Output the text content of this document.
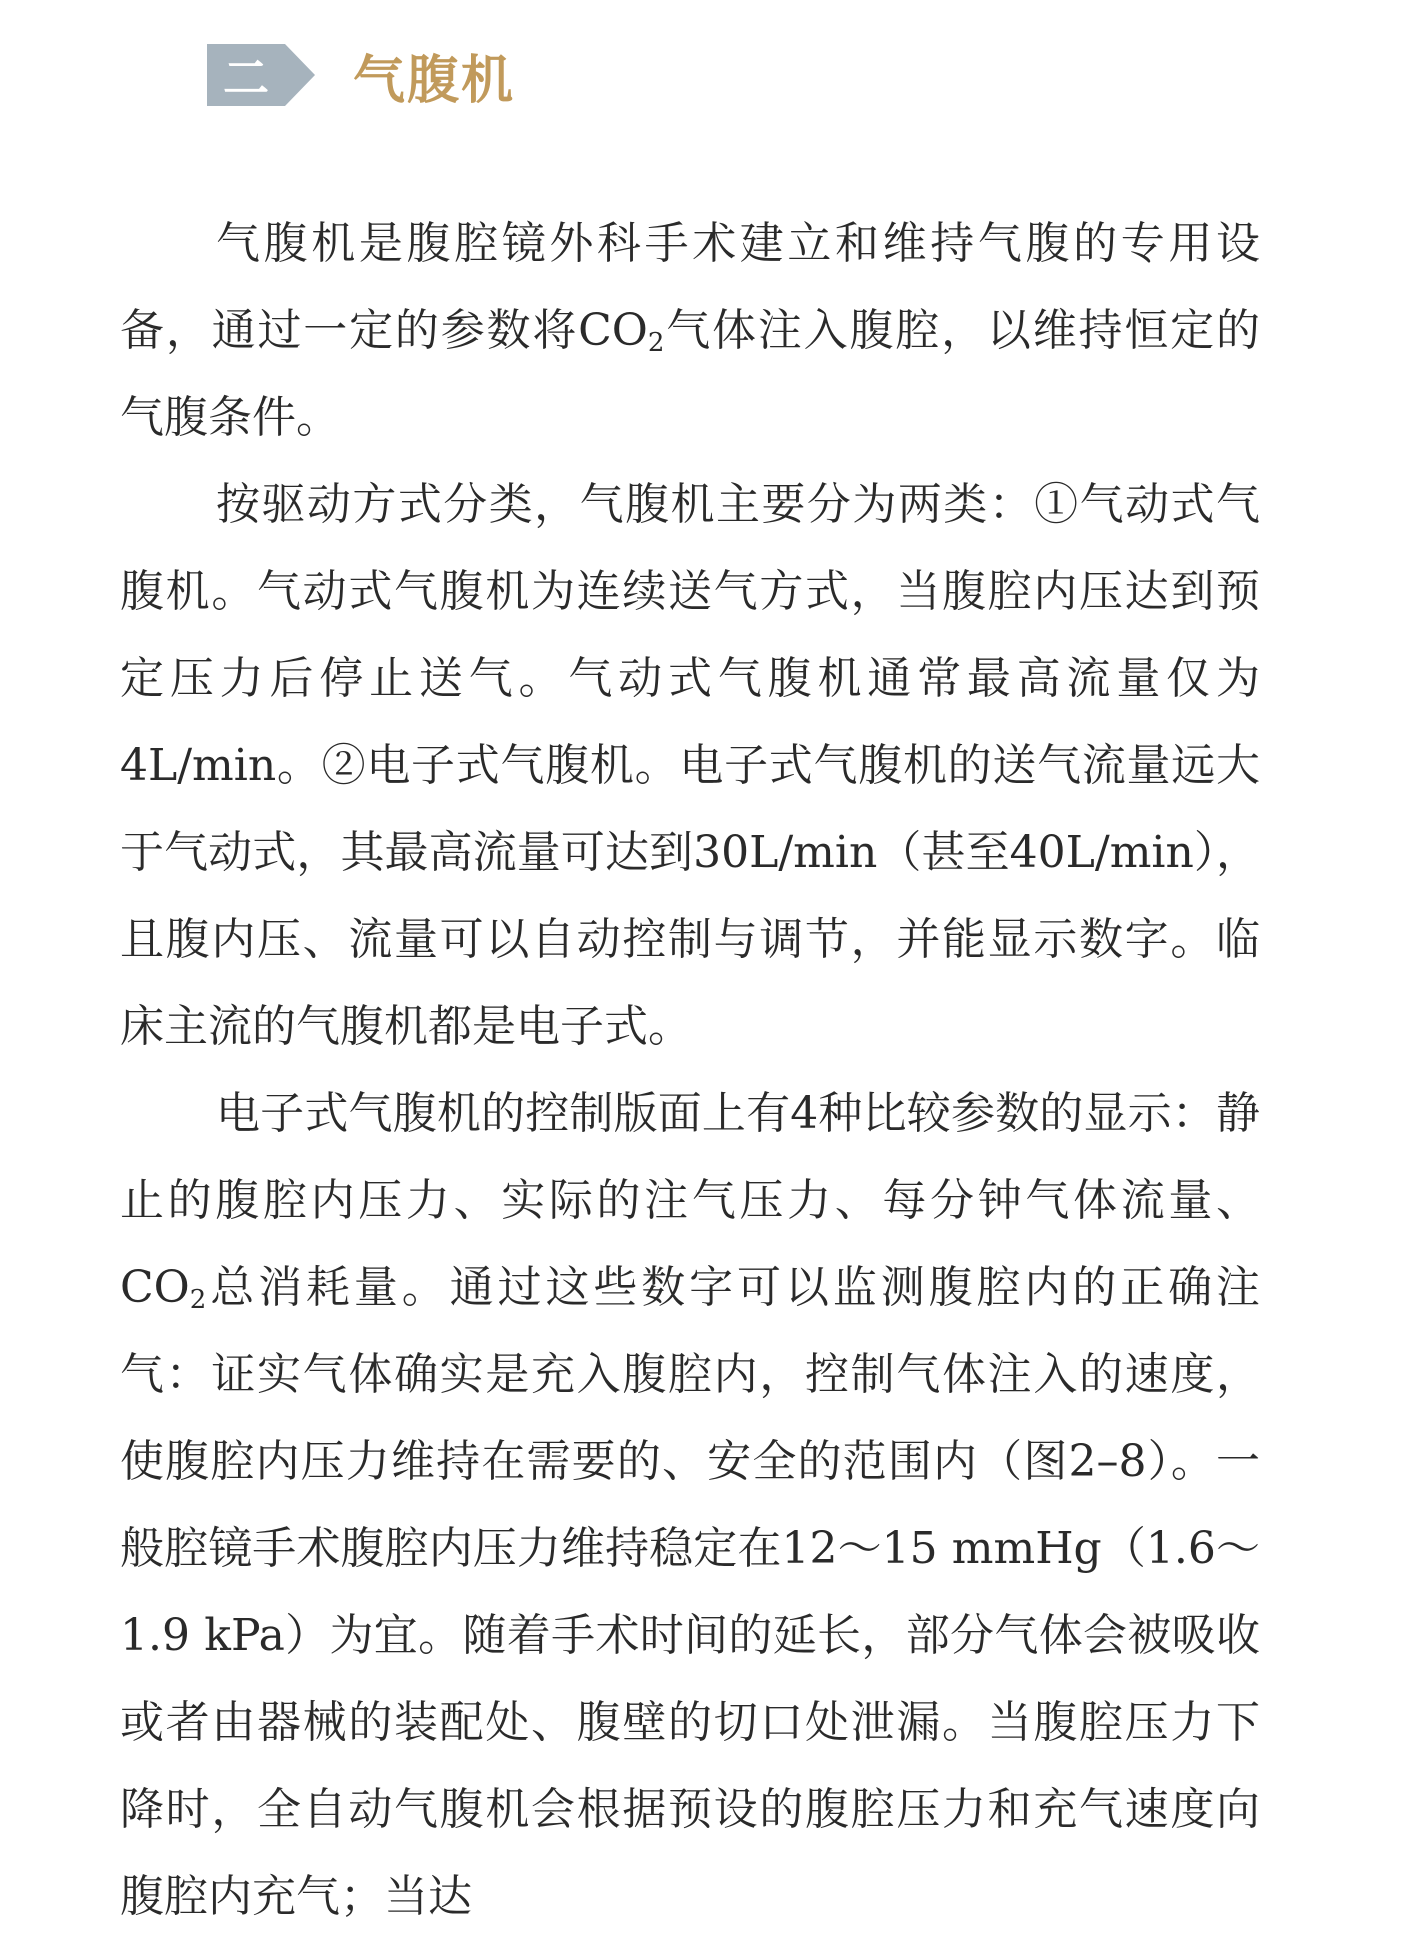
二	气腹机

气腹机是腹腔镜外科手术建立和维持气腹的专用设备，通过一定的参数将$CO_2$气体注入腹腔，以维持恒定的气腹条件。

按驱动方式分类，气腹机主要分为两类：①气动式气腹机。气动式气腹机为连续送气方式，当腹腔内压达到预定压力后停止送气。气动式气腹机通常最高流量仅为4L/min。②电子式气腹机。电子式气腹机的送气流量远大于气动式，其最高流量可达到30L/min（甚至40L/min），且腹内压、流量可以自动控制与调节，并能显示数字。临床主流的气腹机都是电子式。

电子式气腹机的控制版面上有4种比较参数的显示：静止的腹腔内压力、实际的注气压力、每分钟气体流量、$CO_2$总消耗量。通过这些数字可以监测腹腔内的正确注气：证实气体确实是充入腹腔内，控制气体注入的速度，使腹腔内压力维持在需要的、安全的范围内（图2–8）。一般腔镜手术腹腔内压力维持稳定在12～15 mmHg（1.6～1.9 kPa）为宜。随着手术时间的延长，部分气体会被吸收或者由器械的装配处、腹壁的切口处泄漏。当腹腔压力下降时，全自动气腹机会根据预设的腹腔压力和充气速度向腹腔内充气；当达
